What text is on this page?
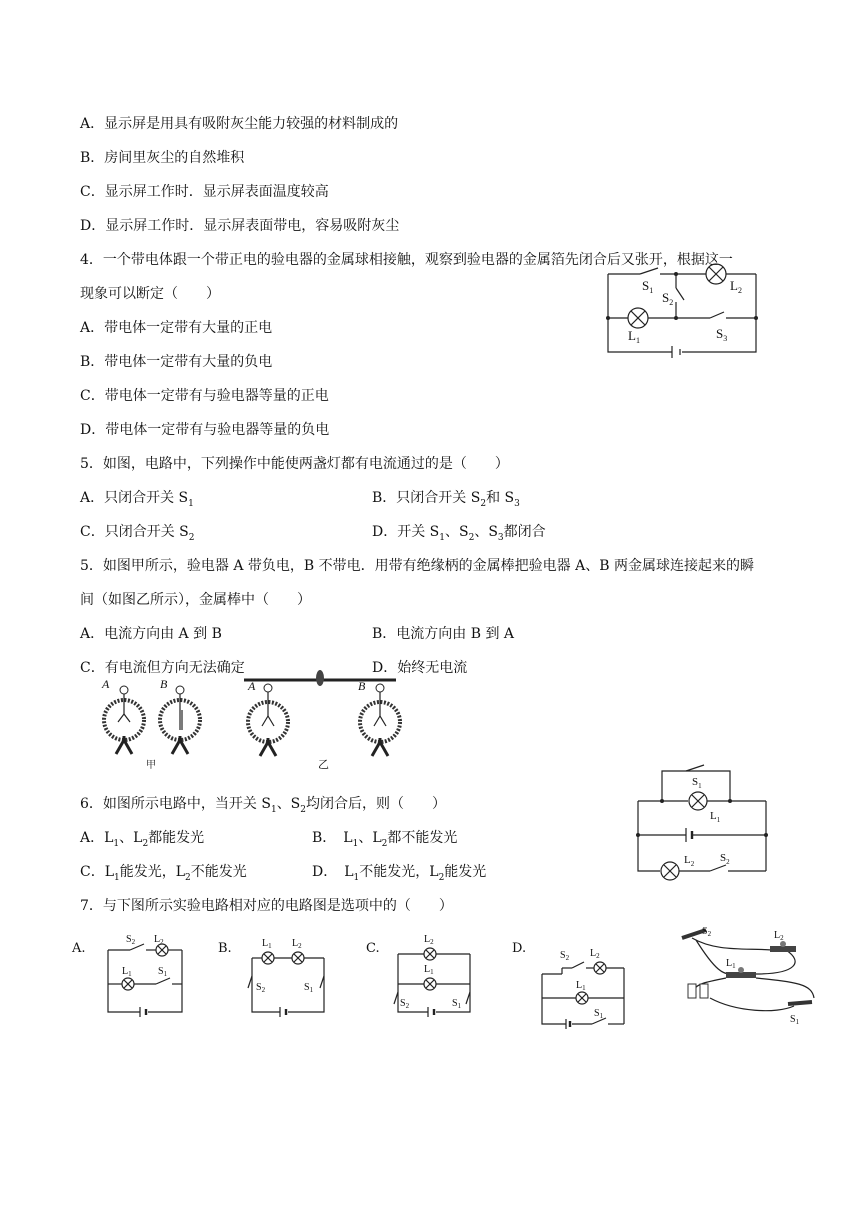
A．显示屏是用具有吸附灰尘能力较强的材料制成的
B．房间里灰尘的自然堆积
C．显示屏工作时．显示屏表面温度较高
D．显示屏工作时．显示屏表面带电，容易吸附灰尘
4．一个带电体跟一个带正电的验电器的金属球相接触，观察到验电器的金属箔先闭合后又张开，根据这一
现象可以断定（　　）
A．带电体一定带有大量的正电
B．带电体一定带有大量的负电
C．带电体一定带有与验电器等量的正电
D．带电体一定带有与验电器等量的负电
$S_1$ $S_2$
$L_2$
$L_1$	$S_3$
5．如图，电路中，下列操作中能使两盏灯都有电流通过的是（　　）
A．只闭合开关 $S_1$	B．只闭合开关 $S_2$和 $S_3$
C．只闭合开关 $S_2$	D．开关 $S_1$、$S_2$、$S_3$都闭合
5．如图甲所示，验电器 A 带负电，B 不带电．用带有绝缘柄的金属棒把验电器 A、B 两金属球连接起来的瞬
间（如图乙所示），金属棒中（　　）
A．电流方向由 A 到 B	B．电流方向由 B 到 A
C．有电流但方向无法确定	D．始终无电流
A	B
甲
A	B
乙
$S_1$
$L_1$
$L_2$ $S_2$
6．如图所示电路中，当开关 $S_1$、$S_2$均闭合后，则（　　）
A．$L_1$、$L_2$都能发光	B．　$L_1$、$L_2$都不能发光
C．$L_1$能发光，$L_2$不能发光	D．　$L_1$不能发光，$L_2$能发光
7．与下图所示实验电路相对应的电路图是选项中的（　　）
A.	B.	C.	D.
$S_2$ $L_2$
$L_1$	$S_1$
$L_1$ $L_2$
$S_2$	$S_1$
$L_2$
$L_1$
$S_2$	$S_1$
$S_2$ $L_2$
$L_1$
$S_1$
$S_2$	$L_2$
$L_1$
$S_1$
